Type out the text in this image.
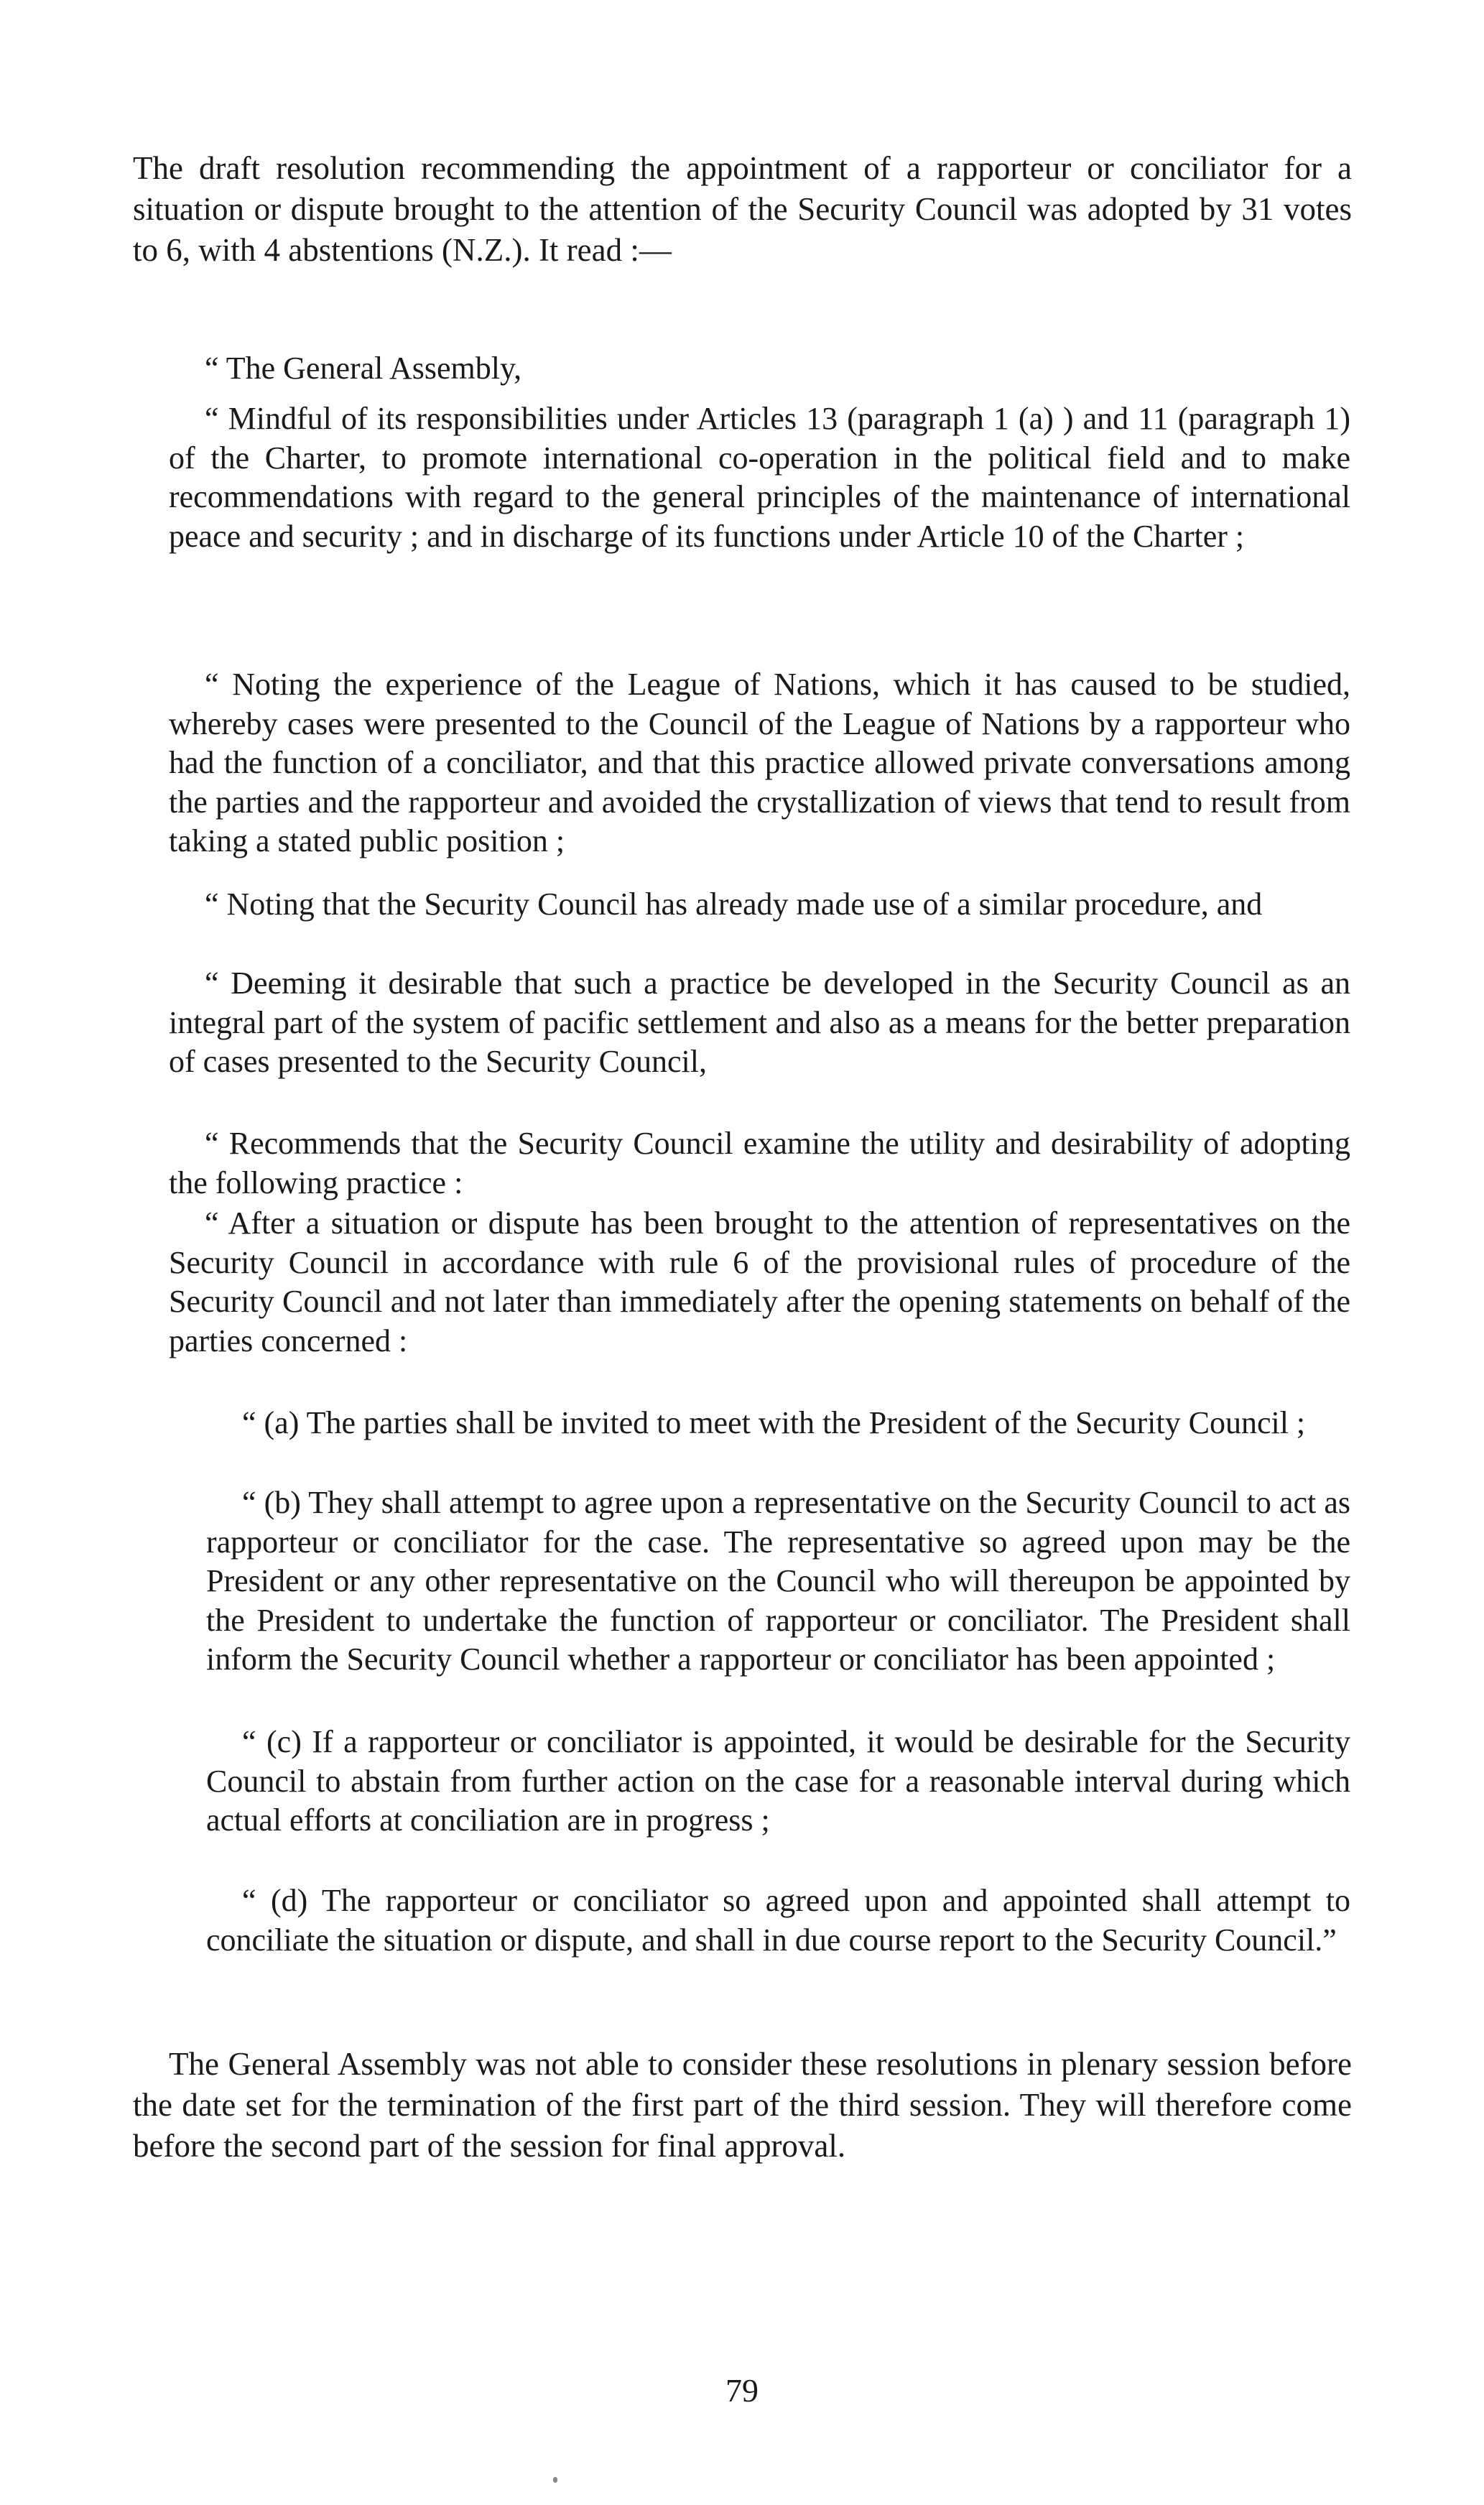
The draft resolution recommending the appointment of a rapporteur or conciliator for a situation or dispute brought to the attention of the Security Council was adopted by 31 votes to 6, with 4 abstentions (N.Z.). It read :—

“ The General Assembly,

“ Mindful of its responsibilities under Articles 13 (paragraph 1 (a) ) and 11 (paragraph 1) of the Charter, to promote international co-operation in the political field and to make recommendations with regard to the general principles of the maintenance of international peace and security ; and in discharge of its functions under Article 10 of the Charter ;

“ Noting the experience of the League of Nations, which it has caused to be studied, whereby cases were presented to the Council of the League of Nations by a rapporteur who had the function of a conciliator, and that this practice allowed private conversations among the parties and the rapporteur and avoided the crystallization of views that tend to result from taking a stated public position ;

“ Noting that the Security Council has already made use of a similar procedure, and

“ Deeming it desirable that such a practice be developed in the Security Council as an integral part of the system of pacific settlement and also as a means for the better preparation of cases presented to the Security Council,

“ Recommends that the Security Council examine the utility and desirability of adopting the following practice :

“ After a situation or dispute has been brought to the attention of representatives on the Security Council in accordance with rule 6 of the provisional rules of procedure of the Security Council and not later than immediately after the opening statements on behalf of the parties concerned :

“ (a) The parties shall be invited to meet with the President of the Security Council ;

“ (b) They shall attempt to agree upon a representative on the Security Council to act as rapporteur or conciliator for the case. The representative so agreed upon may be the President or any other representative on the Council who will thereupon be appointed by the President to undertake the function of rapporteur or conciliator. The President shall inform the Security Council whether a rapporteur or conciliator has been appointed ;

“ (c) If a rapporteur or conciliator is appointed, it would be desirable for the Security Council to abstain from further action on the case for a reasonable interval during which actual efforts at conciliation are in progress ;

“ (d) The rapporteur or conciliator so agreed upon and appointed shall attempt to conciliate the situation or dispute, and shall in due course report to the Security Council.”

The General Assembly was not able to consider these resolutions in plenary session before the date set for the termination of the first part of the third session. They will therefore come before the second part of the session for final approval.

79
